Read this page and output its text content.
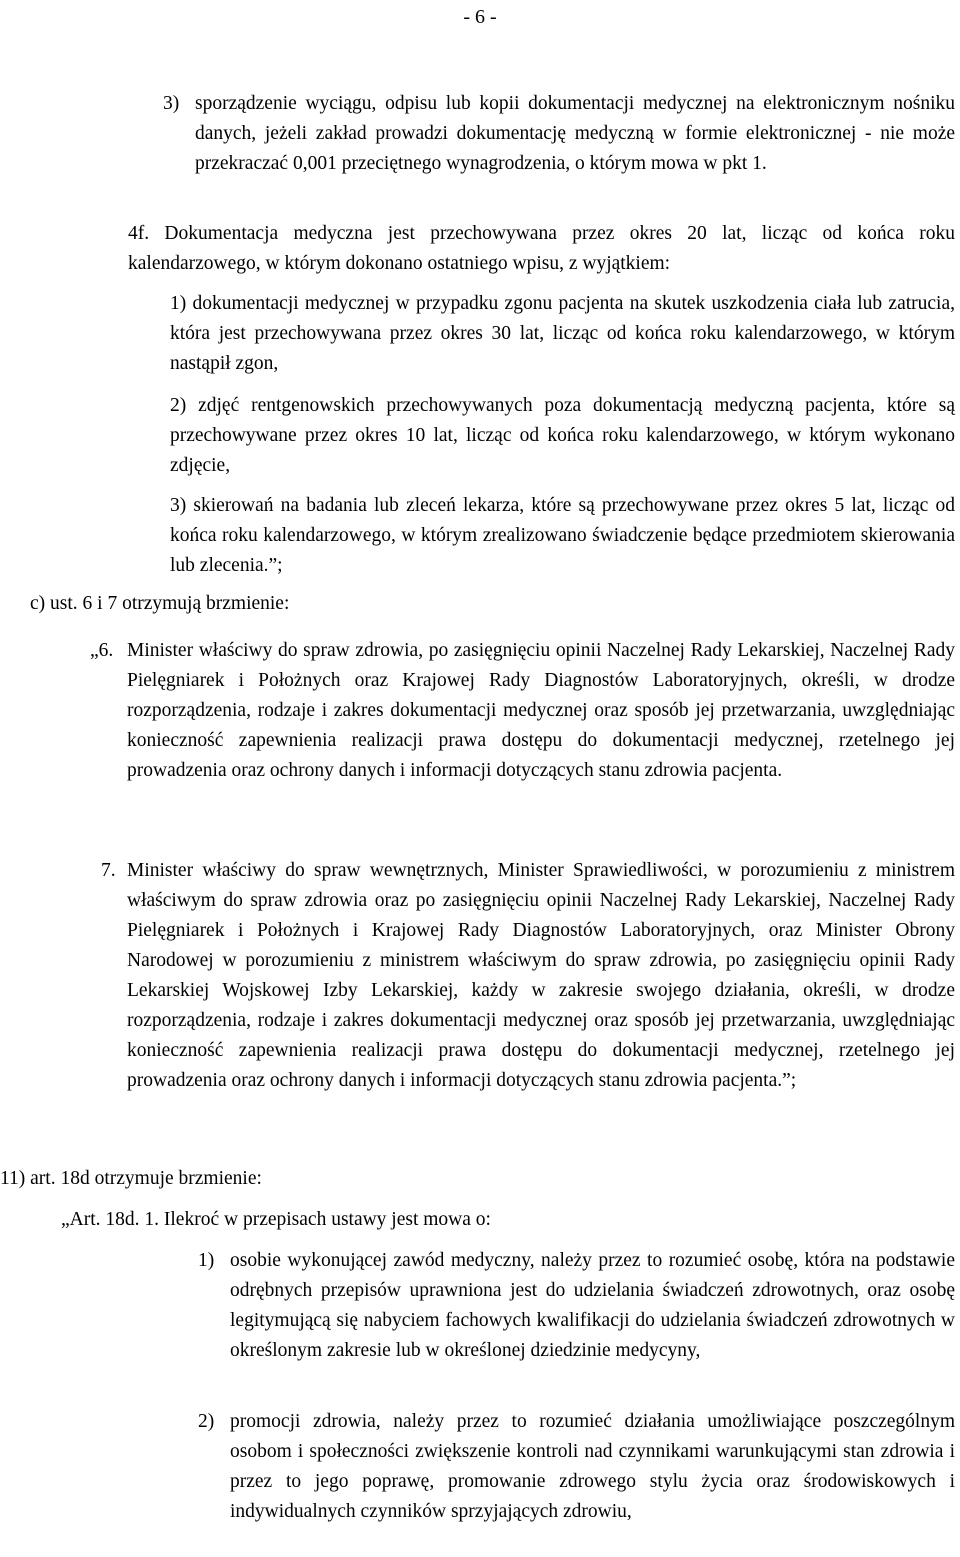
- 6 -
3) sporządzenie wyciągu, odpisu lub kopii dokumentacji medycznej na elektronicznym nośniku danych, jeżeli zakład prowadzi dokumentację medyczną w formie elektronicznej - nie może przekraczać 0,001 przeciętnego wynagrodzenia, o którym mowa w pkt 1.
4f. Dokumentacja medyczna jest przechowywana przez okres 20 lat, licząc od końca roku kalendarzowego, w którym dokonano ostatniego wpisu, z wyjątkiem:
1) dokumentacji medycznej w przypadku zgonu pacjenta na skutek uszkodzenia ciała lub zatrucia, która jest przechowywana przez okres 30 lat, licząc od końca roku kalendarzowego, w którym nastąpił zgon,
2) zdjęć rentgenowskich przechowywanych poza dokumentacją medyczną pacjenta, które są przechowywane przez okres 10 lat, licząc od końca roku kalendarzowego, w którym wykonano zdjęcie,
3) skierowań na badania lub zleceń lekarza, które są przechowywane przez okres 5 lat, licząc od końca roku kalendarzowego, w którym zrealizowano świadczenie będące przedmiotem skierowania lub zlecenia.”;
c) ust. 6 i 7 otrzymują brzmienie:
„6. Minister właściwy do spraw zdrowia, po zasięgnięciu opinii Naczelnej Rady Lekarskiej, Naczelnej Rady Pielęgniarek i Położnych oraz Krajowej Rady Diagnostów Laboratoryjnych, określi, w drodze rozporządzenia, rodzaje i zakres dokumentacji medycznej oraz sposób jej przetwarzania, uwzględniając konieczność zapewnienia realizacji prawa dostępu do dokumentacji medycznej, rzetelnego jej prowadzenia oraz ochrony danych i informacji dotyczących stanu zdrowia pacjenta.
7. Minister właściwy do spraw wewnętrznych, Minister Sprawiedliwości, w porozumieniu z ministrem właściwym do spraw zdrowia oraz po zasięgnięciu opinii Naczelnej Rady Lekarskiej, Naczelnej Rady Pielęgniarek i Położnych i Krajowej Rady Diagnostów Laboratoryjnych, oraz Minister Obrony Narodowej w porozumieniu z ministrem właściwym do spraw zdrowia, po zasięgnięciu opinii Rady Lekarskiej Wojskowej Izby Lekarskiej, każdy w zakresie swojego działania, określi, w drodze rozporządzenia, rodzaje i zakres dokumentacji medycznej oraz sposób jej przetwarzania, uwzględniając konieczność zapewnienia realizacji prawa dostępu do dokumentacji medycznej, rzetelnego jej prowadzenia oraz ochrony danych i informacji dotyczących stanu zdrowia pacjenta.”;
11) art. 18d otrzymuje brzmienie:
„Art. 18d. 1. Ilekroć w przepisach ustawy jest mowa o:
1) osobie wykonującej zawód medyczny, należy przez to rozumieć osobę, która na podstawie odrębnych przepisów uprawniona jest do udzielania świadczeń zdrowotnych, oraz osobę legitymującą się nabyciem fachowych kwalifikacji do udzielania świadczeń zdrowotnych w określonym zakresie lub w określonej dziedzinie medycyny,
2) promocji zdrowia, należy przez to rozumieć działania umożliwiające poszczególnym osobom i społeczności zwiększenie kontroli nad czynnikami warunkującymi stan zdrowia i przez to jego poprawę, promowanie zdrowego stylu życia oraz środowiskowych i indywidualnych czynników sprzyjających zdrowiu,
